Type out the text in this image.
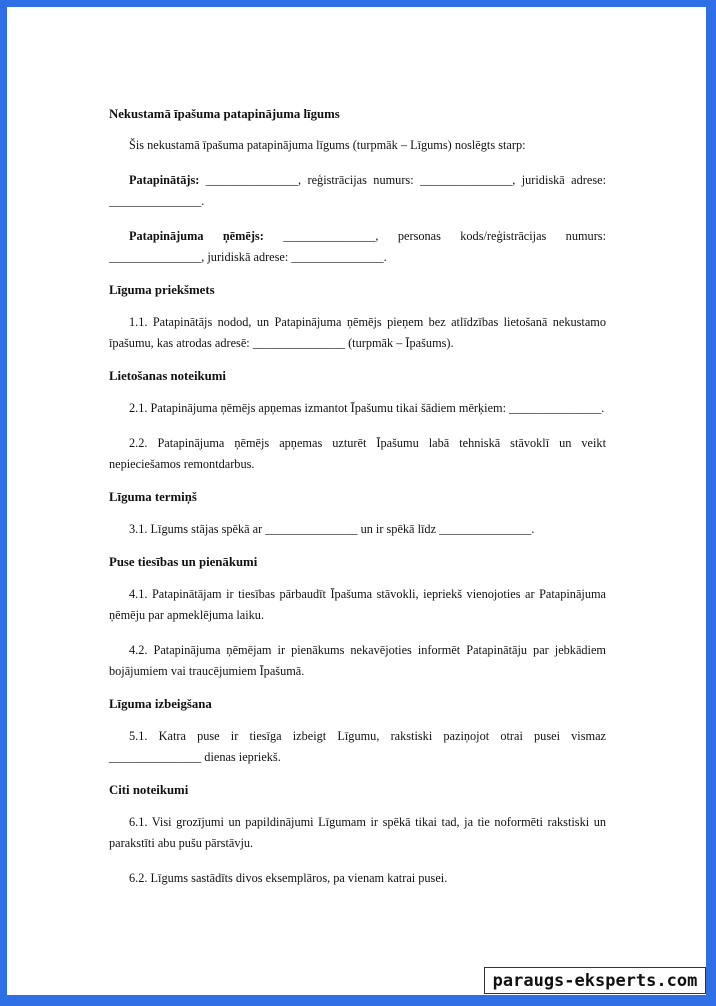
Nekustamā īpašuma patapinājuma līgums

Šis nekustamā īpašuma patapinājuma līgums (turpmāk – Līgums) noslēgts starp:

Patapinātājs: _______________, reģistrācijas numurs: _______________, juridiskā adrese: _______________.

Patapinājuma ņēmējs: _______________, personas kods/reģistrācijas numurs: _______________, juridiskā adrese: _______________.

Līguma priekšmets

1.1. Patapinātājs nodod, un Patapinājuma ņēmējs pieņem bez atlīdzības lietošanā nekustamo īpašumu, kas atrodas adresē: _______________ (turpmāk – Īpašums).

Lietošanas noteikumi

2.1. Patapinājuma ņēmējs apņemas izmantot Īpašumu tikai šādiem mērķiem: _______________.

2.2. Patapinājuma ņēmējs apņemas uzturēt Īpašumu labā tehniskā stāvoklī un veikt nepieciešamos remontdarbus.

Līguma termiņš

3.1. Līgums stājas spēkā ar _______________ un ir spēkā līdz _______________.

Puse tiesības un pienākumi

4.1. Patapinātājam ir tiesības pārbaudīt Īpašuma stāvokli, iepriekš vienojoties ar Patapinājuma ņēmēju par apmeklējuma laiku.

4.2. Patapinājuma ņēmējam ir pienākums nekavējoties informēt Patapinātāju par jebkādiem bojājumiem vai traucējumiem Īpašumā.

Līguma izbeigšana

5.1. Katra puse ir tiesīga izbeigt Līgumu, rakstiski paziņojot otrai pusei vismaz _______________ dienas iepriekš.

Citi noteikumi

6.1. Visi grozījumi un papildinājumi Līgumam ir spēkā tikai tad, ja tie noformēti rakstiski un parakstīti abu pušu pārstāvju.

6.2. Līgums sastādīts divos eksemplāros, pa vienam katrai pusei.

paraugs-eksperts.com
